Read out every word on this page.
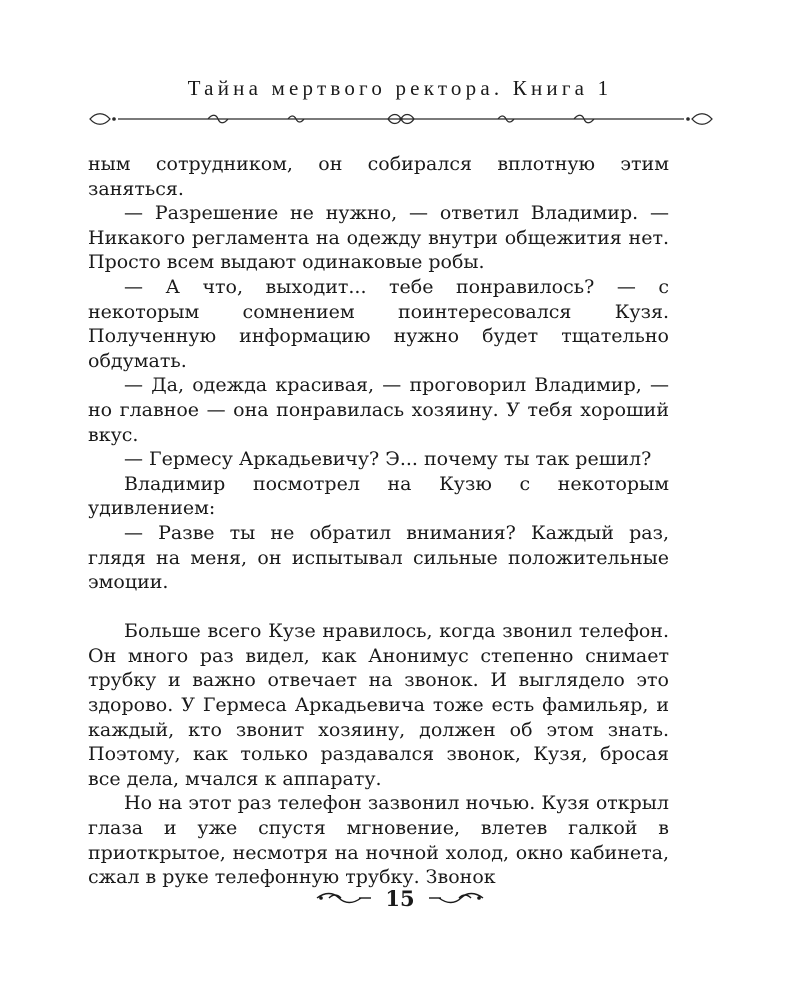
Тайна мертвого ректора. Книга 1

ным сотрудником, он собирался вплотную этим заняться.

— Разрешение не нужно, — ответил Владимир. — Никакого регламента на одежду внутри общежития нет. Просто всем выдают одинаковые робы.

— А что, выходит... тебе понравилось? — с некоторым сомнением поинтересовался Кузя. Полученную информацию нужно будет тщательно обдумать.

— Да, одежда красивая, — проговорил Владимир, — но главное — она понравилась хозяину. У тебя хороший вкус.

— Гермесу Аркадьевичу? Э... почему ты так решил?

Владимир посмотрел на Кузю с некоторым удивлением:

— Разве ты не обратил внимания? Каждый раз, глядя на меня, он испытывал сильные положительные эмоции.

Больше всего Кузе нравилось, когда звонил телефон. Он много раз видел, как Анонимус степенно снимает трубку и важно отвечает на звонок. И выглядело это здорово. У Гермеса Аркадьевича тоже есть фамильяр, и каждый, кто звонит хозяину, должен об этом знать. Поэтому, как только раздавался звонок, Кузя, бросая все дела, мчался к аппарату.

Но на этот раз телефон зазвонил ночью. Кузя открыл глаза и уже спустя мгновение, влетев галкой в приоткрытое, несмотря на ночной холод, окно кабинета, сжал в руке телефонную трубку. Звонок

15
